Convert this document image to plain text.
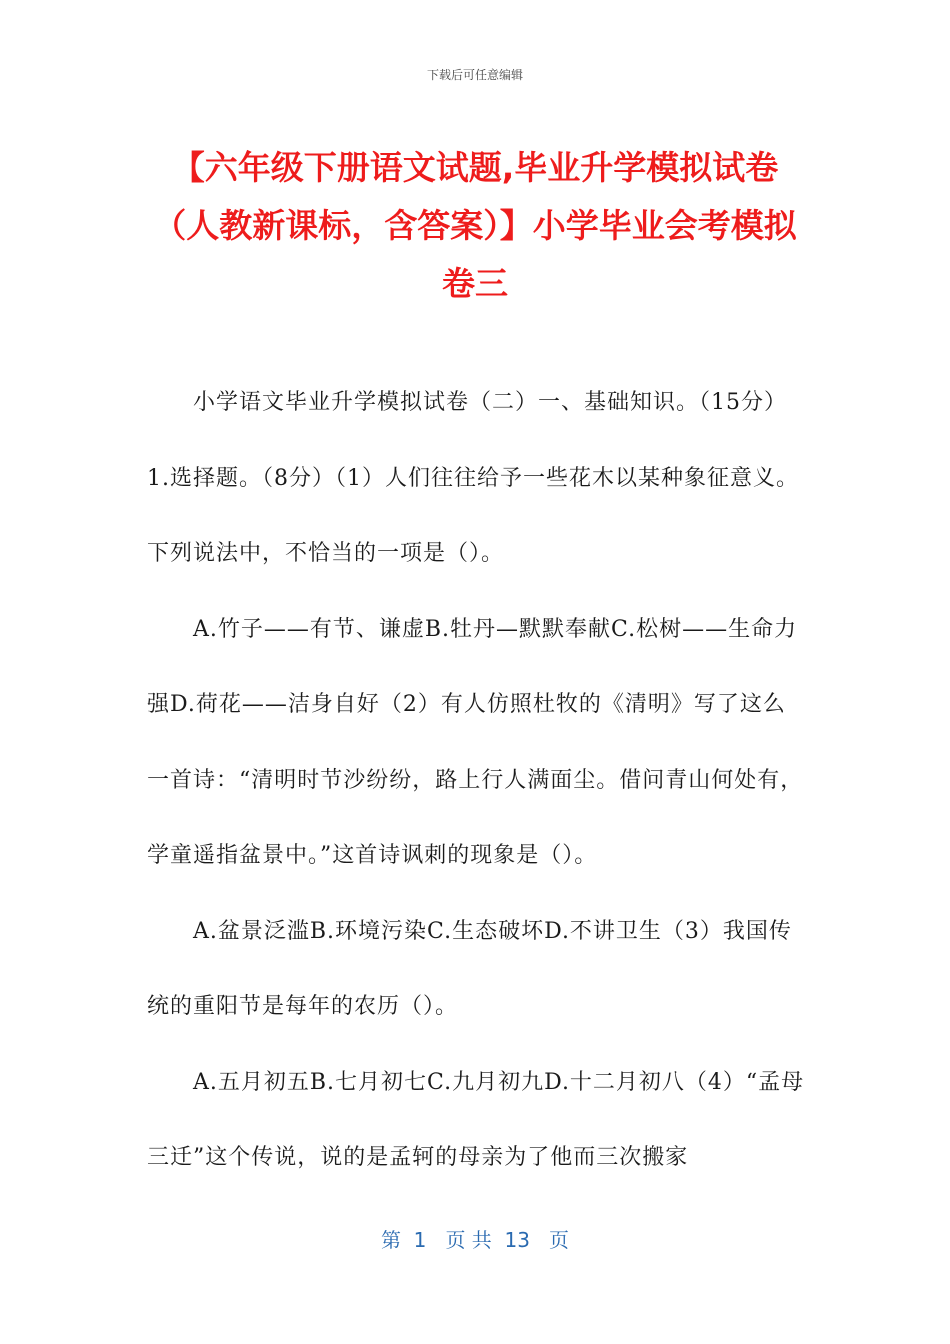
下载后可任意编辑
【六年级下册语文试题,毕业升学模拟试卷（人教新课标，含答案）】小学毕业会考模拟卷三

小学语文毕业升学模拟试卷（二）一、基础知识。（15分）1.选择题。（8分）（1）人们往往给予一些花木以某种象征意义。下列说法中，不恰当的一项是（）。

A.竹子——有节、谦虚B.牡丹—默默奉献C.松树——生命力强D.荷花——洁身自好（2）有人仿照杜牧的《清明》写了这么一首诗：“清明时节沙纷纷，路上行人满面尘。借问青山何处有，学童遥指盆景中。”这首诗讽刺的现象是（）。

A.盆景泛滥B.环境污染C.生态破坏D.不讲卫生（3）我国传统的重阳节是每年的农历（）。

A.五月初五B.七月初七C.九月初九D.十二月初八（4）“孟母三迁”这个传说，说的是孟轲的母亲为了他而三次搬家

第  1   页 共  13   页
